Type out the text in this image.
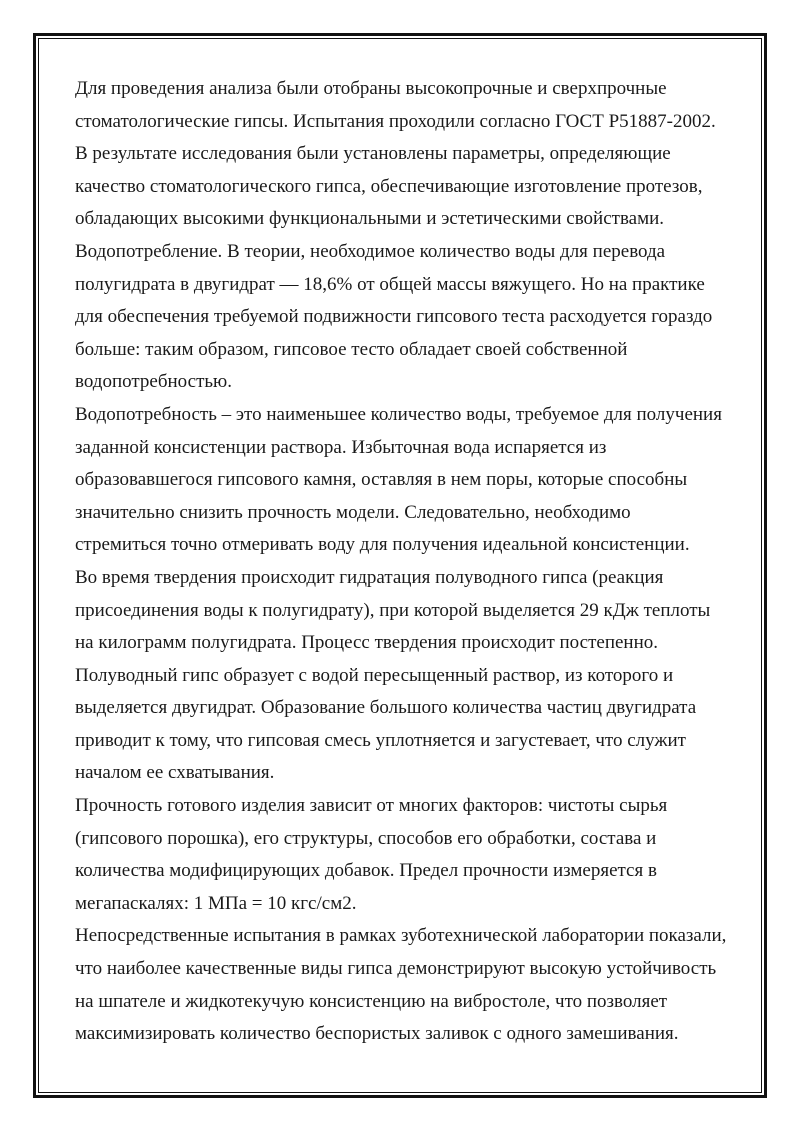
Для проведения анализа были отобраны высокопрочные и сверхпрочные
стоматологические гипсы. Испытания проходили согласно ГОСТ Р51887-2002.
В результате исследования были установлены параметры, определяющие
качество стоматологического гипса, обеспечивающие изготовление протезов,
обладающих высокими функциональными и эстетическими свойствами.
Водопотребление. В теории, необходимое количество воды для перевода
полугидрата в двугидрат — 18,6% от общей массы вяжущего. Но на практике
для обеспечения требуемой подвижности гипсового теста расходуется гораздо
больше: таким образом, гипсовое тесто обладает своей собственной
водопотребностью.
Водопотребность – это наименьшее количество воды, требуемое для получения
заданной консистенции раствора. Избыточная вода испаряется из
образовавшегося гипсового камня, оставляя в нем поры, которые способны
значительно снизить прочность модели. Следовательно, необходимо
стремиться точно отмеривать воду для получения идеальной консистенции.
Во время твердения происходит гидратация полуводного гипса (реакция
присоединения воды к полугидрату), при которой выделяется 29 кДж теплоты
на килограмм полугидрата. Процесс твердения происходит постепенно.
Полуводный гипс образует с водой пересыщенный раствор, из которого и
выделяется двугидрат. Образование большого количества частиц двугидрата
приводит к тому, что гипсовая смесь уплотняется и загустевает, что служит
началом ее схватывания.
Прочность готового изделия зависит от многих факторов: чистоты сырья
(гипсового порошка), его структуры, способов его обработки, состава и
количества модифицирующих добавок. Предел прочности измеряется в
мегапаскалях: 1 МПа = 10 кгс/см2.
Непосредственные испытания в рамках зуботехнической лаборатории показали,
что наиболее качественные виды гипса демонстрируют высокую устойчивость
на шпателе и жидкотекучую консистенцию на вибростоле, что позволяет
максимизировать количество беспористых заливок с одного замешивания.
